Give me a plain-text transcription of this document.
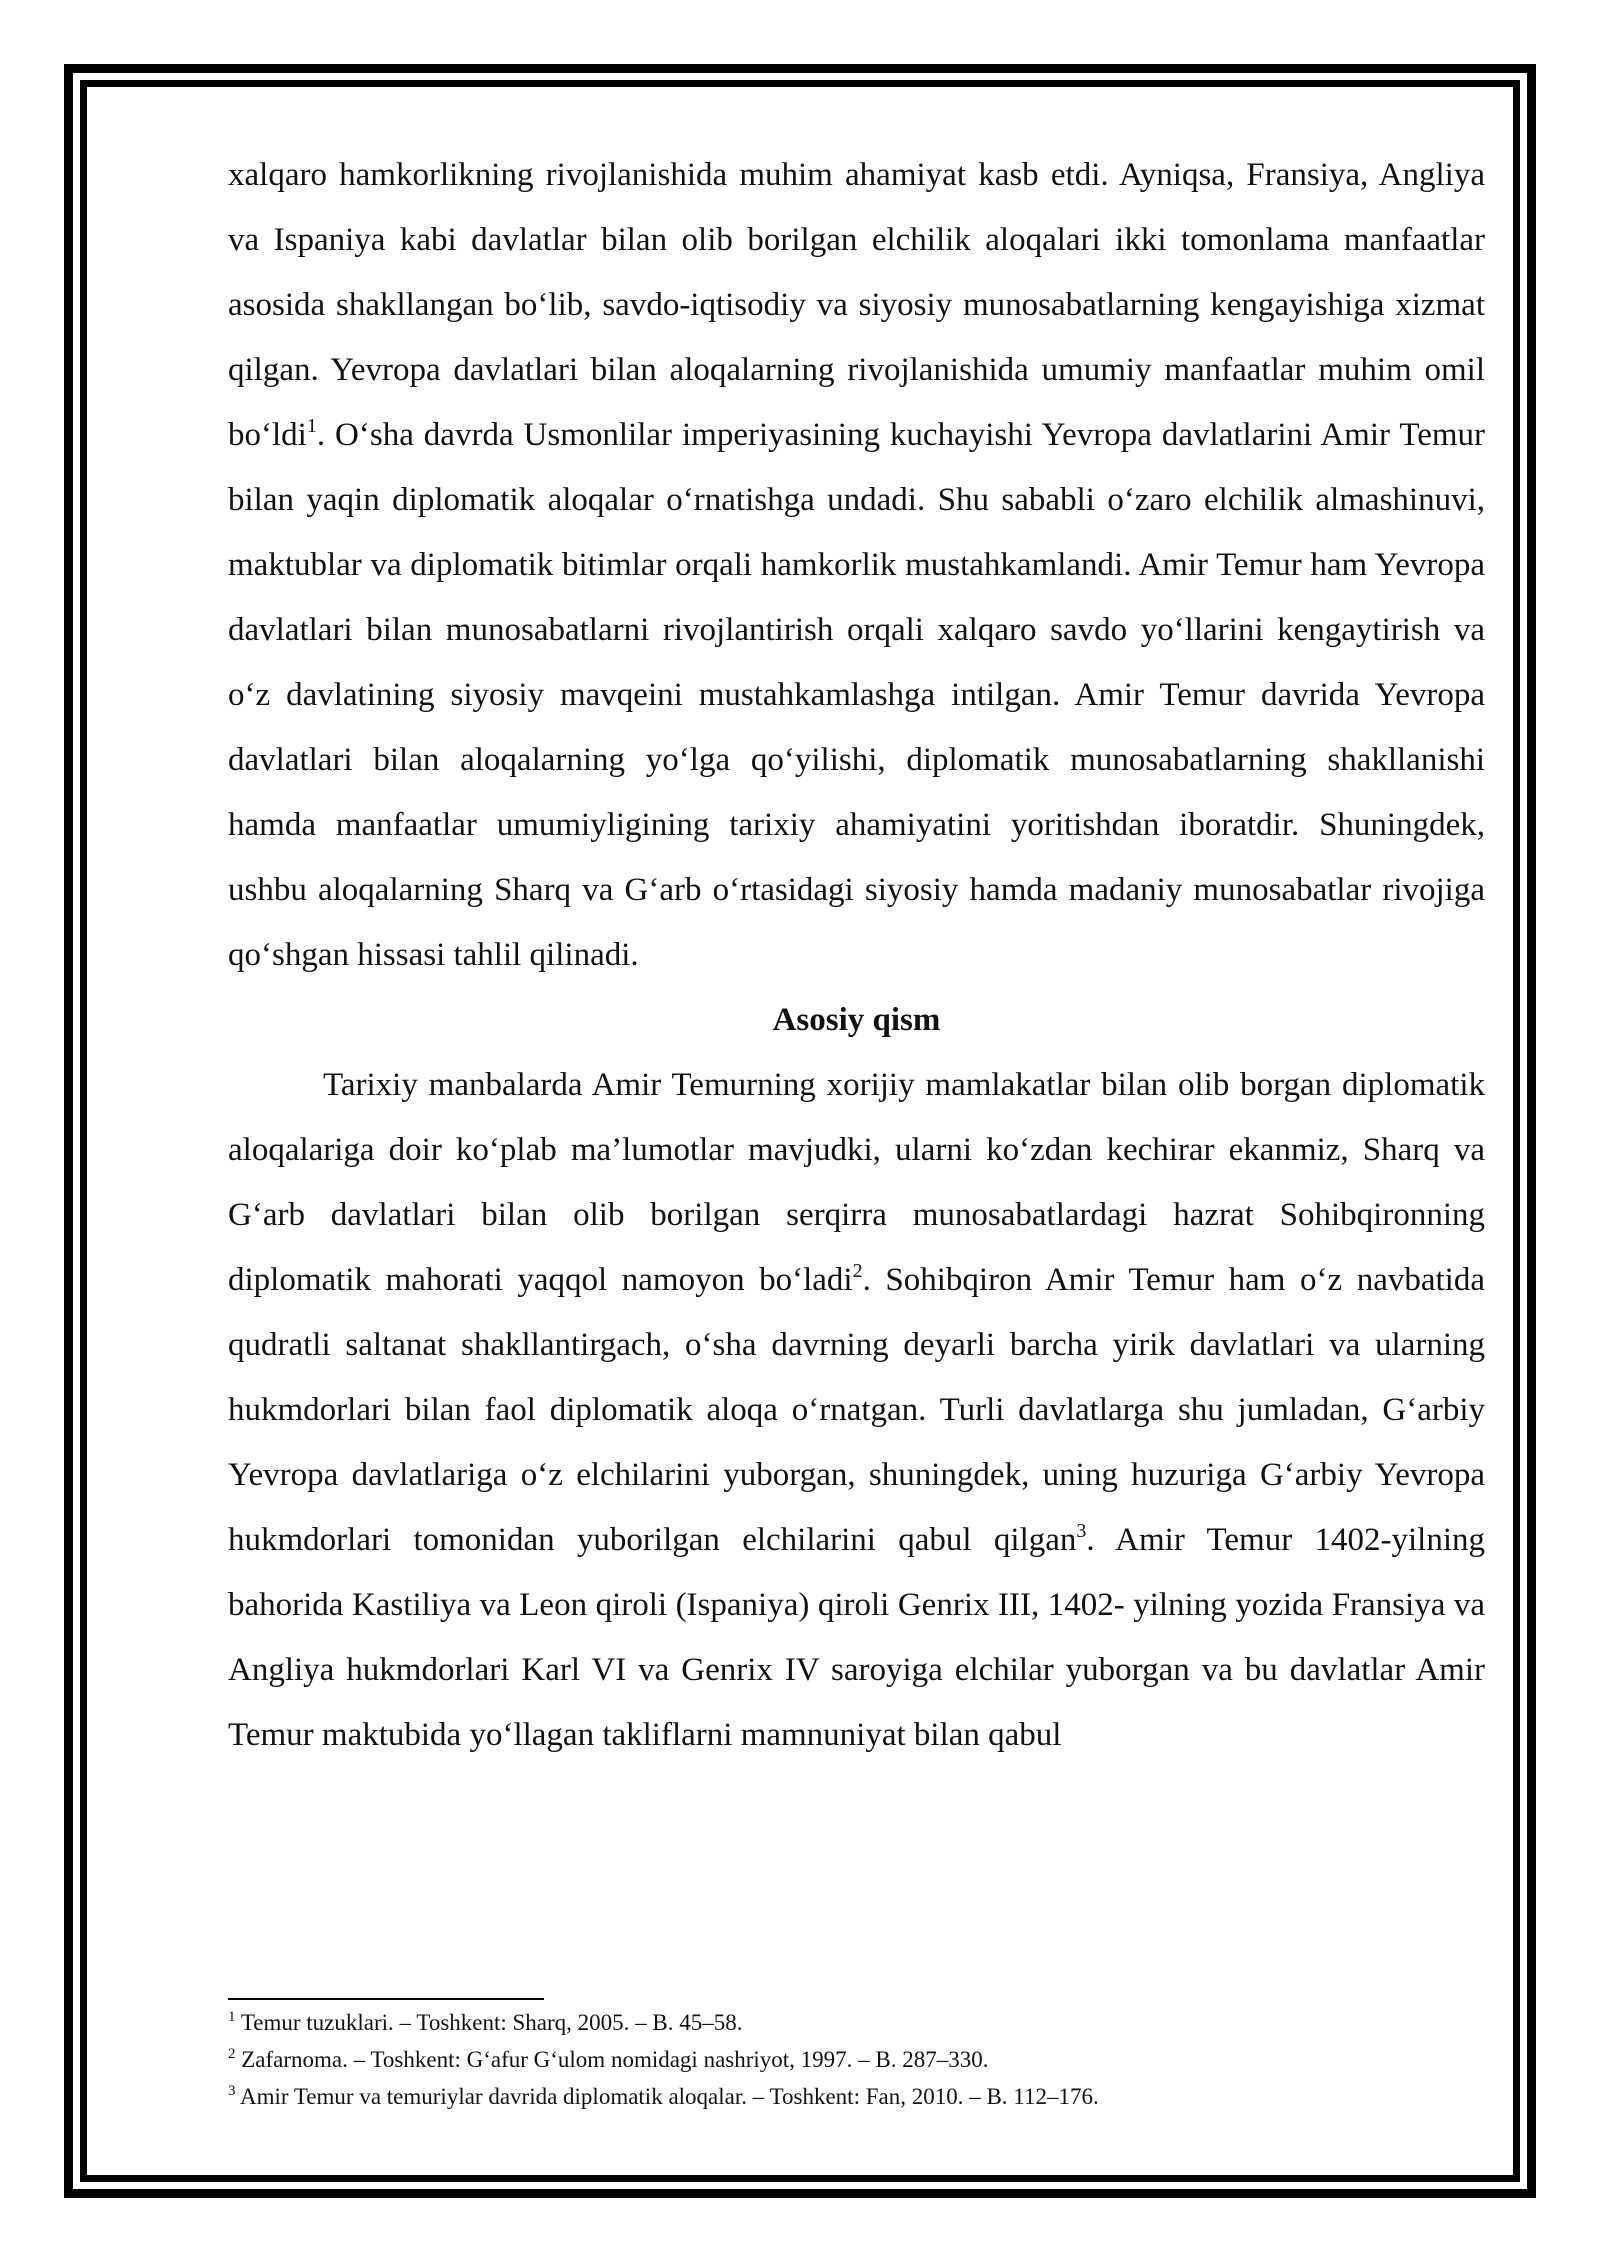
xalqaro hamkorlikning rivojlanishida muhim ahamiyat kasb etdi. Ayniqsa, Fransiya, Angliya va Ispaniya kabi davlatlar bilan olib borilgan elchilik aloqalari ikki tomonlama manfaatlar asosida shakllangan bo‘lib, savdo-iqtisodiy va siyosiy munosabatlarning kengayishiga xizmat qilgan. Yevropa davlatlari bilan aloqalarning rivojlanishida umumiy manfaatlar muhim omil bo‘ldi$^1$. O‘sha davrda Usmonlilar imperiyasining kuchayishi Yevropa davlatlarini Amir Temur bilan yaqin diplomatik aloqalar o‘rnatishga undadi. Shu sababli o‘zaro elchilik almashinuvi, maktublar va diplomatik bitimlar orqali hamkorlik mustahkamlandi. Amir Temur ham Yevropa davlatlari bilan munosabatlarni rivojlantirish orqali xalqaro savdo yo‘llarini kengaytirish va o‘z davlatining siyosiy mavqeini mustahkamlashga intilgan. Amir Temur davrida Yevropa davlatlari bilan aloqalarning yo‘lga qo‘yilishi, diplomatik munosabatlarning shakllanishi hamda manfaatlar umumiyligining tarixiy ahamiyatini yoritishdan iboratdir. Shuningdek, ushbu aloqalarning Sharq va G‘arb o‘rtasidagi siyosiy hamda madaniy munosabatlar rivojiga qo‘shgan hissasi tahlil qilinadi.

Asosiy qism

Tarixiy manbalarda Amir Temurning xorijiy mamlakatlar bilan olib borgan diplomatik aloqalariga doir ko‘plab ma’lumotlar mavjudki, ularni ko‘zdan kechirar ekanmiz, Sharq va G‘arb davlatlari bilan olib borilgan serqirra munosabatlardagi hazrat Sohibqironning diplomatik mahorati yaqqol namoyon bo‘ladi$^2$. Sohibqiron Amir Temur ham o‘z navbatida qudratli saltanat shakllantirgach, o‘sha davrning deyarli barcha yirik davlatlari va ularning hukmdorlari bilan faol diplomatik aloqa o‘rnatgan. Turli davlatlarga shu jumladan, G‘arbiy Yevropa davlatlariga o‘z elchilarini yuborgan, shuningdek, uning huzuriga G‘arbiy Yevropa hukmdorlari tomonidan yuborilgan elchilarini qabul qilgan$^3$. Amir Temur 1402-yilning bahorida Kastiliya va Leon qiroli (Ispaniya) qiroli Genrix III, 1402- yilning yozida Fransiya va Angliya hukmdorlari Karl VI va Genrix IV saroyiga elchilar yuborgan va bu davlatlar Amir Temur maktubida yo‘llagan takliflarni mamnuniyat bilan qabul

$^1$ Temur tuzuklari. – Toshkent: Sharq, 2005. – B. 45–58.

$^2$ Zafarnoma. – Toshkent: G‘afur G‘ulom nomidagi nashriyot, 1997. – B. 287–330.

$^3$ Amir Temur va temuriylar davrida diplomatik aloqalar. – Toshkent: Fan, 2010. – B. 112–176.
